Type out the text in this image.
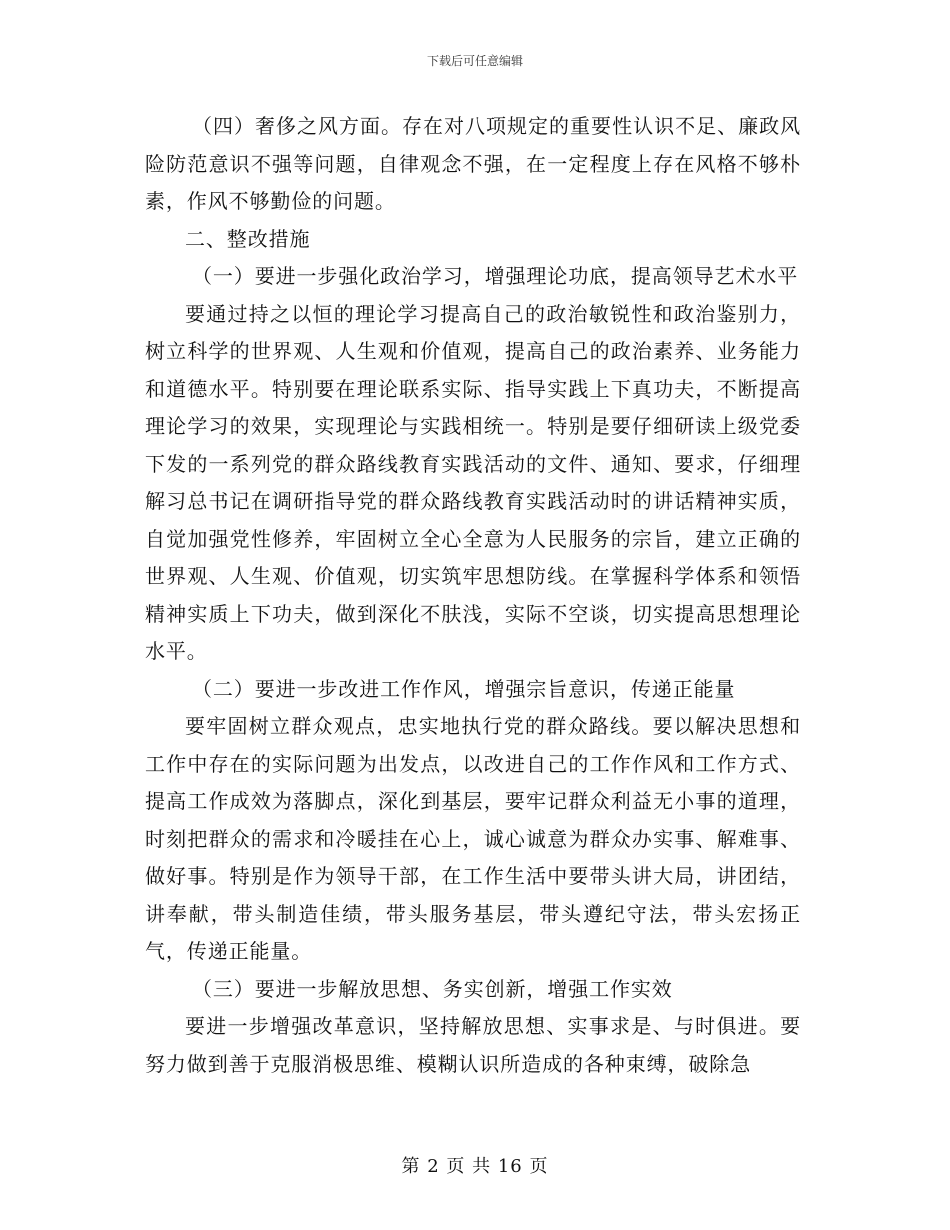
下载后可任意编辑

（四）奢侈之风方面。存在对八项规定的重要性认识不足、廉政风险防范意识不强等问题，自律观念不强，在一定程度上存在风格不够朴素，作风不够勤俭的问题。

二、整改措施

（一）要进一步强化政治学习，增强理论功底，提高领导艺术水平

要通过持之以恒的理论学习提高自己的政治敏锐性和政治鉴别力，树立科学的世界观、人生观和价值观，提高自己的政治素养、业务能力和道德水平。特别要在理论联系实际、指导实践上下真功夫，不断提高理论学习的效果，实现理论与实践相统一。特别是要仔细研读上级党委下发的一系列党的群众路线教育实践活动的文件、通知、要求，仔细理解习总书记在调研指导党的群众路线教育实践活动时的讲话精神实质，自觉加强党性修养，牢固树立全心全意为人民服务的宗旨，建立正确的世界观、人生观、价值观，切实筑牢思想防线。在掌握科学体系和领悟精神实质上下功夫，做到深化不肤浅，实际不空谈，切实提高思想理论水平。

（二）要进一步改进工作作风，增强宗旨意识，传递正能量

要牢固树立群众观点，忠实地执行党的群众路线。要以解决思想和工作中存在的实际问题为出发点，以改进自己的工作作风和工作方式、提高工作成效为落脚点，深化到基层，要牢记群众利益无小事的道理，时刻把群众的需求和冷暖挂在心上，诚心诚意为群众办实事、解难事、做好事。特别是作为领导干部，在工作生活中要带头讲大局，讲团结，讲奉献，带头制造佳绩，带头服务基层，带头遵纪守法，带头宏扬正气，传递正能量。

（三）要进一步解放思想、务实创新，增强工作实效

要进一步增强改革意识，坚持解放思想、实事求是、与时俱进。要努力做到善于克服消极思维、模糊认识所造成的各种束缚，破除急

第 2 页 共 16 页
